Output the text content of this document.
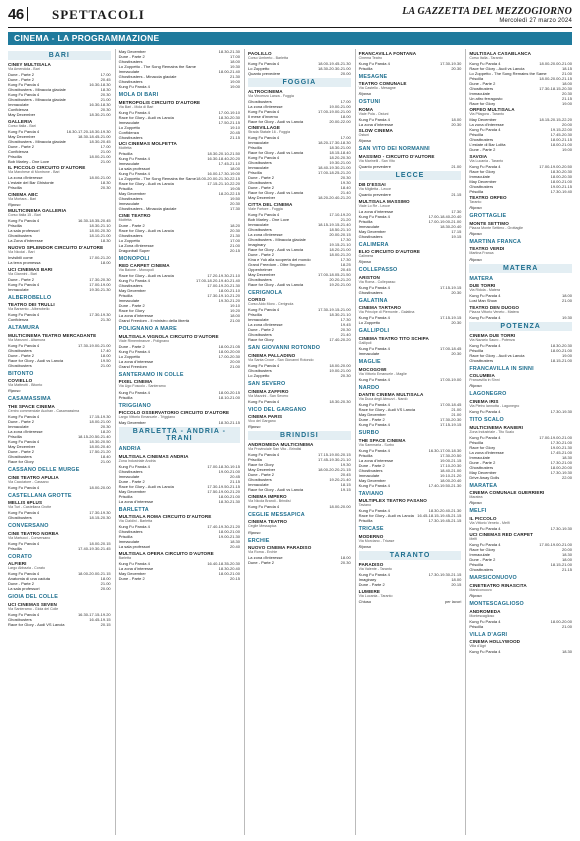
46	SPETTACOLI	LA GAZZETTA DEL MEZZOGIORNO
Mercoledì 27 marzo 2024
CINEMA - LA PROGRAMMAZIONE
BARI
CINEY MULTISALA
Via Amendola - Bari
Dune - Parte 2	17.00
Dune - Parte 2	20.45
Kung Fu Panda 4	16.30-18.30
Ghostbusters - Minaccia glaciale	18.30
Kung Fu Panda 4	20.30
Ghostbusters - Minaccia glaciale	21.00
Immaculate	16.30-18.30
Confidenza	20.30
May December	18.30-21.00
GALLERIA
Corso Italia - Bari
Kung Fu Panda 4	16.30-17.20-18.30-19.30
May December	18.30-18.45-21.00
Ghostbusters - Minaccia glaciale	18.30-20.45
Dune - Parte 2	17.00
Confidenza	21.00
Priscilla	18.00-21.00
Bob Marley - One Love	21.00
IL PICCOLO CIRCUITO D'AUTORE
Via Marchese di Montrone - Bari
La zona d'interesse	18.00-21.00
L'estate del Bar Ghistonte	18.30
Priscilla	20.30
CINEMA ABC
Via Mortara - Bari
Riposo
MULTICINEMA GALLERIA
Corso Italia 15 - Bari
Kung Fu Panda 4	16.30-18.35-20.45
Priscilla	18.30-21.10
La sala professori	18.00-20.30
Ghostbusters	18.10-21.00
La Zona d'interesse	18.30
NUOVO SPLENDOR CIRCUITO D'AUTORE
Via Nicolai - Bari
Invisibili come	17.00-21.20
La terra promessa	18.00
UCI CINEMAS BARI
Via Giannini - Bari
Dune - Parte 2	17.30-20.30
Kung Fu Panda 4	17.00-19.00
Immaculate	19.30-21.30
ALBEROBELLO
TEATRO DEI TRULLI
Via Barsento - Alberobello
Kung Fu Panda 4	17.30-19.30
Confidenza	21.30
ALTAMURA
MULTICINEMA TEATRO MERCADANTE
Via Manzoni - Altamura
Kung Fu Panda 4	17.30-19.00-21.00
Ghostbusters	17.40
Dune - Parte 2	18.00
Race for Glory - Audi vs Lancia	19.50
Ghostbusters	21.00
BITONTO
COVIELLO
Via Matteotti - Bitonto
Riposo
CASAMASSIMA
THE SPACE CINEMA
Centro commerciale Auchan - Casamassima
Kung Fu Panda 4	17.15-19.30
Dune - Parte 2	18.00-21.00
Immaculate	20.30
La zona d'interesse	18.20
Priscilla	18.15-20.50-21.40
Kung Fu Panda 4	18.30-20.50
May December	18.00-20.40
Dune - Parte 2	17.50-21.20
Ghostbusters	18.40
Race for Glory	21.00
CASSANO DELLE MURGE
CINE TEATRO APULIA
Via Cacciatore - Cassano
Kung Fu Panda 4	18.00-20.00
CASTELLANA GROTTE
MELLIS 6PLUS
Via Turi - Castellana Grotte
Kung Fu Panda 4	17.30-19.30
Ghostbusters	18.15-20.30
CONVERSANO
CINE TEATRO NORBA
Via Martucci - Conversano
Kung Fu Panda 4	18.00-20.15
Priscilla	17.40-19.30-21.45
CORATO
ALFIERI
Largo Abbazia - Corato
Kung Fu Panda 4	18.00-20.00-21.15
Anatomia di una caduta	18.00
Dune - Parte 2	21.00
La sala professori	20.00
GIOIA DEL COLLE
UCI CINEMAS SEVEN
Via Santeramo - Gioia del Colle
Kung Fu Panda 4	16.30-17.15-19.20
Ghostbusters	16.45-19.15
Race for Glory - Audi VS Lancia	20.15
May December	18.30-21.30
Dune - Parte 2	17.00
Ghostbusters	18.00
Lo Zoppetto - The Song Remains the Same	19.30
Immaculate	18.00-21.40
Ghostbusters - Minaccia glaciale	21.30
Ghostbusters	19.00
Kung Fu Panda 4	19.00
MOLA DI BARI
METROPOLIS CIRCUITO D'AUTORE
Via Bari - Mola di Bari
Kung Fu Panda 4	17.00-19.10
Race for Glory - Audi vs Lancia	18.30-20.30
Immaculate	17.50-21.15
Lo Zoppetto	19.10
Confidenza	20.45
Ghostbusters	21.15
UCI CINEMAS MOLFETTA
Molfetta
Priscilla	18.30-20.10-21.50
Kung Fu Panda 4	16.30-18.40-20.20
Immaculate	17.45-21.10
La sala professori	18.00
Kung Fu Panda 4	16.00-17.30-19.00
Lo Zoppetto - The Song Remains the Same 18.00-20.00-21.30-22.15
Race for Glory - Audi vs Lancia	17.15-21.10-22.20
Priscilla	19.05
May December	18.20-22.15
Ghostbusters	19.50
Immaculate	20.30
Ghostbusters - Minaccia glaciale	17.30
CINE TEATRO
Molfetta
Dune - Parte 2	18.20
Race for Glory - Audi vs Lancia	20.30
Ghostbusters	21.30
Lo Zoppetto	17.00
La Zona d'interesse	21.00
Dragonball Super	20.15
MONOPOLI
RED CARPET CINEMA
Via Baione - Monopoli
Race for Glory - Audi vs Lancia	17.20-19.30-21.10
Kung Fu Panda 4	17.00-18.20-19.40-21.40
Ghostbusters	17.00-19.20-21.30
May December	18.00-21.10
Priscilla	17.30-19.10-21.20
Immaculate	19.30-21.20
Dune - Parte 2	19.10
Race for Glory	19.20
La zona d'interesse	18.00
Grand Freedom - Il ministro della libertà	21.00
POLIGNANO A MARE
MULTISALA VIGNOLA CIRCUITO D'AUTORE
Viale Rimembranze - Polignano
Dune - Parte 2	18.00-21.05
Kung Fu Panda 4	18.00-20.00
Lo Zoppetto	17.00-20.30
La zona d'interesse	20.00
Grand Freedom	21.00
SANTERAMO IN COLLE
PIXEL CINEMA
Via Ugo Foscolo - Santeramo
Kung Fu Panda 4	18.00-20.15
Priscilla	18.10-21.00
TRIGGIANO
PICCOLO OSSERVATORIO CIRCUITO D'AUTORE
Largo Vittorio Emanuele - Triggiano
May December	18.30-21.15
BARLETTA - ANDRIA - TRANI
ANDRIA
MULTISALA CINEMAS ANDRIA
Zona Industriale Andria
Kung Fu Panda 4	17.00-18.30-19.15
Ghostbusters	19.00-21.00
Immaculate	20.45
Dune - Parte 2	21.15
Race for Glory - Audi vs Lancia	17.30-19.50-21.15
May December	17.50-19.00-21.20
Priscilla	18.00-21.00
La zona d'interesse	18.30-21.30
BARLETTA
MULTISALA ROMA CIRCUITO D'AUTORE
Via Cialdini - Barletta
Kung Fu Panda 4	17.40-19.30-21.20
Ghostbusters	18.00-21.00
Priscilla	19.00-21.30
Immaculate	18.30
La sala professori	20.40
MULTISALA OPERA CIRCUITO D'AUTORE
Barletta
Kung Fu Panda 4	16.40-18.35-20.30
La zona d'interesse	18.30-20.40
May December	18.00-21.00
Dune - Parte 2	20.15
PAOLILLO
Corso Umberto - Barletta
Kung Fu Panda 4	18.00-19.45-21.30
Lo Zoppetto	18.30-20.30-21.00
Quanto prevedere	20.00
FOGGIA
ALTROCINEMA
Via Vincenzo Lanza - Foggia
Ghostbusters	17.00
La zona d'interesse	19.00-21.00
Kung Fu Panda 4	17.00-19.00-21.00
Il mese d'inverno	18.00
Race for Glory - Audi vs Lancia	20.00-22.00
CINEVILLAGE
Strada Statale 16 - Foggia
Kung Fu Panda 4	17.00
Immaculate	18.20-17.30-18.30
Priscilla	18.30-21.00
Race for Glory - Audi vs Lancia	18.15-18.40
Kung Fu Panda 4	18.20-20.30
Ghostbusters	19.30-21.00
Immaculate	18.40-19.30-21.00
Priscilla	17.00-18.25-21.20
Dune - Parte 2	20.30
Ghostbusters	19.30
Dune - Parte 2	18.40
Race for Glory - Audi vs Lancia	21.40
May December	18.20-20.40-21.20
CITTA DEL CINEMA
Viale Fortore - Foggia
Kung Fu Panda 4	17.10-19.20
Bob Marley - One Love	21.20
Immaculate	18.15-19.15-21.40
Ghostbusters	18.50-21.10
La zona d'interesse	20.00-20.15
Ghostbusters - Minaccia glaciale	17.30
Imaginary	19.15-21.10
Race for Glory - Audi vs Lancia	18.20-21.00
Dune - Parte 2	18.00-21.20
Kina e Yuk alla scoperta del mondo	17.30
Grand Freedom - Oltre l'inganno	18.25
Oppenheimer	20.45
May December	17.00-18.05-21.50
Ghostbusters	20.20-21.20
Race for Glory - Audi vs Lancia	19.20-21.00
CERIGNOLA
CORSO
Corso Aldo Moro - Cerignola
Kung Fu Panda 4	17.30-19.15-21.00
Priscilla	18.30-21.10
Immaculate	17.30
La zona d'interesse	19.45
Dune - Parte 2	20.30
Ghostbusters	21.40
Race for Glory	17.40-20.20
SAN GIOVANNI ROTONDO
CINEMA PALLADINO
Via Santa Croce - San Giovanni Rotondo
Kung Fu Panda 4	18.00-20.00
Ghostbusters	19.00-21.00
Lo Zoppetto	20.30
SAN SEVERO
CINEMA ZAFFIRO
Via Mazzini - San Severo
Kung Fu Panda 4	18.30-20.30
VICO DEL GARGANO
CINEMA PARIS
Vico del Gargano
Riposo
BRINDISI
ANDROMEDA MULTICINEMA
Via Provinciale San Vito - Brindisi
Kung Fu Panda 4	17.15-19.00-20.15
Priscilla	17.45-19.30-21.10
Race for Glory	19.30
May December	18.00-20.20-21.15
Dune - Parte 2	20.45
Ghostbusters	19.20-21.40
Immaculate	18.15
Race for Glory - Audi vs Lancia	19.15
CINEMA IMPERO
Via Nicola Brandi - Brindisi
Kung Fu Panda 4	18.00-20.00
CEGLIE MESSAPICA
CINEMA TEATRO
Ceglie Messapica
Riposo
ERCHIE
NUOVO CINEMA PARADISO
Via Roma - Erchie
La zona d'interesse	18.00
Dune - Parte 2	20.30
FRANCAVILLA FONTANA
Cinema Teatro
Kung Fu Panda 4	17.30-19.30
Priscilla	20.30
MESAGNE
TEATRO COMUNALE
Via Castello - Mesagne
Riposo
OSTUNI
ROMA
Viale Pola - Ostuni
Kung Fu Panda 4	18.00
La zona d'interesse	20.30
SLOW CINEMA
Ostuni
Riposo
SAN VITO DEI NORMANNI
MASSIMO - CIRCUITO D'AUTORE
Via Marinelli - San Vito
Quanto prevedere	21.00
LECCE
DB D'ESSAI
Via Miglietta - Lecce
Quanto prevedere	21.15
MULTISALA MASSIMO
Viale Lo Re - Lecce
La zona d'interesse	17.30
Kung Fu Panda 4	17.00-18.40-20.40
Priscilla	17.00-19.00-21.00
Immaculate	18.30-20.40
May December	17.15
Ghostbusters	19.15
CALIMERA
ELIO CIRCUITO D'AUTORE
Calimera
Riposo
COLLEPASSO
ARISTON
Via Roma - Collepasso
Kung Fu Panda 4	17.15-19.15
Ghostbusters	20.30
GALATINA
CINEMA TARTARO
Via Principe di Piemonte - Galatina
Kung Fu Panda 4	17.15-19.15
Lo Zoppetto	20.30
GALLIPOLI
CINEMA TEATRO TITO SCHIPA
Gallipoli
Kung Fu Panda 4	17.00-18.45
Immaculate	20.30
MAGLIE
MOCOGOWI
Via Vittorio Emanuele - Maglie
Kung Fu Panda 4	17.00-19.00
NARDO
DANTE CINEMA MULTISALA
Via Duca degli Abruzzi - Nardò
Kung Fu Panda 4	17.00-18.45
Race for Glory - Audi VS Lancia	21.00
May December	21.00
Dune - Parte 2	17.30-20.30
Kung Fu Panda 4	17.15-19.15
SURBO
THE SPACE CINEMA
Via Sammaria - Surbo
Kung Fu Panda 4	16.30-17.00-18.30
Priscilla	17.30-20.50
La zona d'interesse	19.00-21.15
Dune - Parte 2	17.10-20.30
Ghostbusters	18.40-21.00
Immaculate	19.10-21.20
May December	18.00-20.40
Kung Fu Panda 4	17.40-19.50-21.30
TAVIANO
MULTIPLEX TEATRO FASANO
Taviano
Kung Fu Panda 4	18.30-20.40-21.30
Race for Glory - Audi vs Lancia 16.45-18.15-19.45-21.15
Priscilla	17.30-19.45-21.15
TRICASE
MODERNO
Via Morciano - Tricase
Riposo
TARANTO
PARADISO
Via Valente - Taranto
Kung Fu Panda 4	17.30-19.30-21.15
Imaginary	18.00
Dune - Parte 2	20.15
LUMIERE
Via Lucania - Taranto
Chiuso	per lavori
MULTISALA CASABLANCA
Corso Italia - Taranto
Kung Fu Panda 4	18.00-20.00-21.00
Race for Glory - Audi vs Lancia	18.15
Lo Zoppetto - The Song Remains the Same	21.00
Priscilla	18.00-20.00-21.15
Dune - Parte 2	18.00
Ghostbusters	17.30-18.15-20.30
Immaculate	20.30
Un altro ferragosto	21.15
Race for Glory	19.00
ORFEO MULTISALA
Via Pitagora - Taranto
May December	18.15-20.15-22.20
La zona d'interesse	20.00
Kung Fu Panda 4	19.15-22.00
Priscilla	17.45-20.30
Ghostbusters	18.00-21.15
L'estate di Bar Lolita	18.00-21.00
Dune - Parte 2	19.00
SAVOIA
Via Lucania - Taranto
Kung Fu Panda 4	17.00-19.00-20.50
Race for Glory	18.30-20.30
Immaculate	18.00-20.30
May December	18.00-21.00
Ghostbusters	19.00-21.15
Priscilla	17.30-19.40
TEATRO ORFEO
Taranto
Riposo
GROTTAGLIE
MONTE SETTIMO
Piazza Monte Settimo - Grottaglie
Riposo
MARTINA FRANCA
TEATRO VERDI
Martina Franca
Riposo
MATERA
MATERA
DUE TORRI
Via Ridola - Matera
Kung Fu Panda 4	18.00
Lost Man Show	21.00
TEATRO DEN DUOGO
Piazza Vittorio Veneto - Matera
Kung Fu Panda 4	19.30
POTENZA
CINEMA DUE TORRI
Via Nazario Sauro - Potenza
Kung Fu Panda 4	18.30-20.30
Priscilla	18.00-21.00
Race for Glory - Audi vs Lancia	19.00
Ghostbusters	18.15-21.00
FRANCAVILLA IN SINNI
COLUMBIA
Francavilla in Sinni
Riposo
LAGONEGRO
CINEMA IRIS
Via Pietro Iannotta - Lagonegro
Kung Fu Panda 4	17.30-19.30
TITO SCALO
MULTICINEMA RANIERI
Zona Industriale - Tito Scalo
Kung Fu Panda 4	17.00-19.00-21.00
Priscilla	17.30-21.00
Race for Glory	19.00-21.30
La zona d'interesse	17.45-21.00
Immaculate	18.30
Dune - Parte 2	17.30-21.00
Ghostbusters	18.00-20.00
May December	17.30-19.30
Drive Away Dolls	22.00
MARATEA
CINEMA COMUNALE GUERRIERI
Maratea
Riposo
MELFI
IL PICCOLO
Via Vittorio Veneto - Melfi
Kung Fu Panda 4	17.30-19.30
UCI CINEMAS RED CARPET
Melfi
Kung Fu Panda 4	17.00-19.00-21.00
Race for Glory	20.00
Immaculate	18.30
Dune - Parte 2	18.00
Priscilla	18.15-21.00
Ghostbusters	21.15
MARSICONUOVO
CINETEATRO RINASCITA
Marsiconuovo
Riposo
MONTESCAGLIOSO
ANDROMEDA
Montescaglioso
Kung Fu Panda 4	18.00-20.00
Priscilla	21.00
VILLA D'AGRI
CINEMA HOLLYWOOD
Villa d'Agri
Kung Fu Panda 4	18.30
